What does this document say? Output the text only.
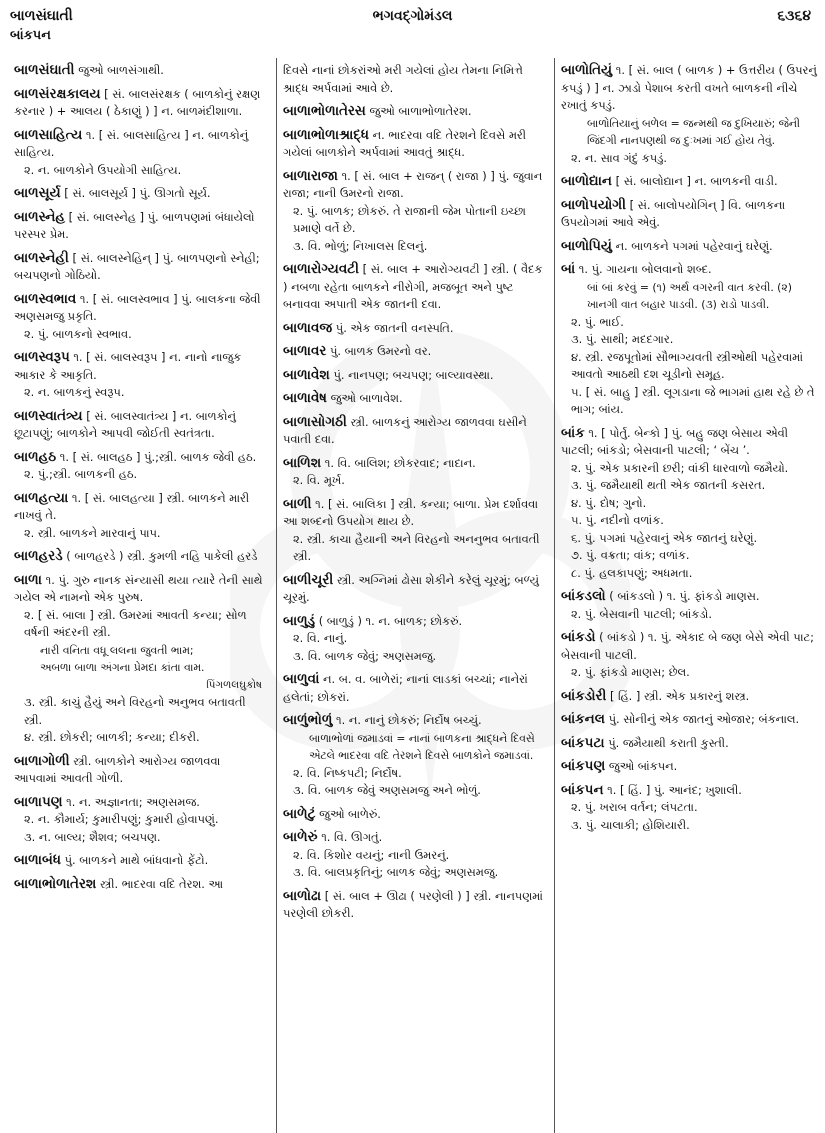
બાળસંઘાતી	ભગવદ્ગોમંડલ	૬૩૬૪
બાંકપન
બાળસંઘાતી જુઓ બાળસંગાથી.
બાળસંરક્ષકાલય [ સં. બાલસંરક્ષક ( બાળકોનું રક્ષણ કરનાર ) + આલય ( ઠેકાણું ) ] ન. બાળમંદીશાળા.
બાળસાહિત્ય ૧. [ સં. બાલસાહિત્ય ] ન. બાળકોનું સાહિત્ય.
૨. ન. બાળકોને ઉપયોગી સાહિત્ય.
બાળસૂર્ય [ સં. બાલસૂર્ય ] પું. ઊગતો સૂર્ય.
બાળસ્નેહ [ સં. બાલસ્નેહ ] પું. બાળપણમાં બંધાયેલો પરસ્પર પ્રેમ.
બાળસ્નેહી [ સં. બાલસ્નેહિન્ ] પું. બાળપણનો સ્નેહી; બચપણનો ગોઠિયો.
બાળસ્વભાવ ૧. [ સં. બાલસ્વભાવ ] પું. બાલકના જેવી અણસમજુ પ્રકૃતિ.
૨. પું. બાળકનો સ્વભાવ.
બાળસ્વરૂપ ૧. [ સં. બાલસ્વરૂપ ] ન. નાનો નાજુક આકાર કે આકૃતિ.
૨. ન. બાળકનું સ્વરૂપ.
બાળસ્વાતંત્ર્ય [ સં. બાલસ્વાતંત્ર્ય ] ન. બાળકોનું છૂટાપણું; બાળકોને આપવી જોઈતી સ્વતંત્રતા.
બાળહઠ ૧. [ સં. બાલહઠ ] પું.;સ્ત્રી. બાળક જેવી હઠ.
૨. પું.;સ્ત્રી. બાળકની હઠ.
બાળહત્યા ૧. [ સં. બાલહત્યા ] સ્ત્રી. બાળકને મારી નાખવું તે.
૨. સ્ત્રી. બાળકને મારવાનું પાપ.
બાળહરડે ( બાળહરડે ) સ્ત્રી. કુમળી નહિ પાકેલી હરડે
બાળા ૧. પું. ગુરુ નાનક સંન્યાસી થયા ત્યારે તેની સાથે ગયેલ એ નામનો એક પુરુષ.
૨. [ સં. બાલા ] સ્ત્રી. ઉમરમાં આવતી કન્યા; સોળ વર્ષની અંદરની સ્ત્રી.
નારી વનિતા વધૂ લલના જુવતી ભામ;
અબળા બાળા અંગના પ્રેમદા કાંતા વામ.
પિંગળલઘુકોષ
૩. સ્ત્રી. કાચું હૈયું અને વિરહનો અનુભવ બતાવતી સ્ત્રી.
૪. સ્ત્રી. છોકરી; બાળકી; કન્યા; દીકરી.
બાળાગોળી સ્ત્રી. બાળકોને આરોગ્ય જાળવવા આપવામાં આવતી ગોળી.
બાળાપણ ૧. ન. અજ્ઞાનતા; અણસમજ.
૨. ન. કૌમાર્ય; કુમારીપણું; કુમારી હોવાપણું.
૩. ન. બાલ્ય; શૈશવ; બચપણ.
બાળાબંધ પું. બાળકને માથે બાંધવાનો ફેંટો.
બાળાભોળાતેરશ સ્ત્રી. ભાદરવા વદિ તેરશ. આ
દિવસે નાનાં છોકરાંઓ મરી ગયેલાં હોય તેમના નિમિત્તે શ્રાદ્ધ અર્પવામાં આવે છે.
બાળાભોળાતેરસ જુઓ બાળાભોળાતેરશ.
બાળાભોળાશ્રાદ્ધ ન. ભાદરવા વદિ તેરશને દિવસે મરી ગયેલાં બાળકોને અર્પવામાં આવતું શ્રાદ્ધ.
બાળારાજા ૧. [ સં. બાલ + રાજન્ ( રાજા ) ] પું. જુવાન રાજા; નાની ઉમરનો રાજા.
૨. પું. બાળક; છોકરું. તે રાજાની જેમ પોતાની ઇચ્છા પ્રમાણે વર્તે છે.
૩. વિ. ભોળું; નિખાલસ દિલનું.
બાળારોગ્યવટી [ સં. બાલ + આરોગ્યવટી ] સ્ત્રી. ( વૈદક ) નબળા રહેતા બાળકને નીરોગી, મજબૂત અને પુષ્ટ બનાવવા અપાતી એક જાતની દવા.
બાળાવજ પું. એક જાતની વનસ્પતિ.
બાળાવર પું. બાળક ઉમરનો વર.
બાળાવેશ પું. નાનપણ; બચપણ; બાલ્યાવસ્થા.
બાળાવેષ જુઓ બાળાવેશ.
બાળાસોગઠી સ્ત્રી. બાળકનું આરોગ્ય જાળવવા ઘસીને પવાતી દવા.
બાળિશ ૧. વિ. બાલિશ; છોકરવાદ; નાદાન.
૨. વિ. મૂર્ખ.
બાળી ૧. [ સં. બાલિકા ] સ્ત્રી. કન્યા; બાળા. પ્રેમ દર્શાવવા આ શબ્દનો ઉપયોગ થાય છે.
૨. સ્ત્રી. કાચા હૈયાની અને વિરહનો અનનુભવ બતાવતી સ્ત્રી.
બાળીચૂરી સ્ત્રી. અગ્નિમાં ઢોસા શેકીને કરેલું ચૂરમું; બળ્યું ચૂરમું.
બાળુડું ( બાળુડું ) ૧. ન. બાળક; છોકરું.
૨. વિ. નાનું.
૩. વિ. બાળક જેવું; અણસમજુ.
બાળુવાં ન. બ. વ. બાળેરાં; નાનાં લાડકાં બચ્ચાં; નાનેરાં હલેતાં; છોકરાં.
બાળુંભોળું ૧. ન. નાનું છોકરું; નિર્દોષ બચ્ચું.
બાળાભોળાં જમાડવાં = નાનાં બાળકના શ્રાદ્ધને દિવસે એટલે ભાદરવા વદિ તેરશને દિવસે બાળકોને જમાડવાં.
૨. વિ. નિષ્કપટી; નિર્દોષ.
૩. વિ. બાળક જેવું અણસમજુ અને ભોળું.
બાળેટું જુઓ બાળેરું.
બાળેરું ૧. વિ. ઊગતું.
૨. વિ. કિશોર વયનું; નાની ઉમરનું.
૩. વિ. બાલપ્રકૃતિનું; બાળક જેવું; અણસમજુ.
બાળોઢા [ સં. બાલ + ઊઢા ( પરણેલી ) ] સ્ત્રી. નાનપણમાં પરણેલી છોકરી.
બાળોતિયું ૧. [ સં. બાલ ( બાળક ) + ઉત્તરીય ( ઉપરનું કપડું ) ] ન. ઝાડો પેશાબ કરતી વખતે બાળકની નીચે રખાતું કપડું.
બાળોતિયાનું બળેલ = જન્મથી જ દુખિયારું; જેની જિંદગી નાનપણથી જ દુઃખમાં ગઈ હોય તેવું.
૨. ન. સાવ ગંદું કપડું.
બાળોદ્યાન [ સં. બાલોદ્યાન ] ન. બાળકની વાડી.
બાળોપયોગી [ સં. બાલોપયોગિન્ ] વિ. બાળકના ઉપયોગમાં આવે એવું.
બાળોપિયું ન. બાળકને પગમાં પહેરવાનું ઘરેણું.
બાં ૧. પું. ગાયના બોલવાનો શબ્દ.
બાં બાં કરવું = (૧) અર્થ વગરની વાત કરવી. (૨) ખાનગી વાત બહાર પાડવી. (૩) રાડો પાડવી.
૨. પું. ભાઈ.
૩. પું. સાથી; મદદગાર.
૪. સ્ત્રી. રજપૂતોમાં સૌભાગ્યવતી સ્ત્રીઓથી પહેરવામાં આવતો આઠથી દશ ચૂડીનો સમૂહ.
૫. [ સં. બાહુ ] સ્ત્રી. લૂગડાના જે ભાગમાં હાથ રહે છે તે ભાગ; બાંય.
બાંક ૧. [ પોર્તુ. બેન્કો ] પું. બહુ જણ બેસાય એવી પાટલી; બાંકડો; બેસવાની પાટલી; ‘ બેંચ ’.
૨. પું. એક પ્રકારની છરી; વાંકી ધારવાળો જમૈયો.
૩. પું. જમૈયાથી થતી એક જાતની કસરત.
૪. પું. દોષ; ગુનો.
૫. પું. નદીનો વળાંક.
૬. પું. પગમાં પહેરવાનું એક જાતનું ઘરેણું.
૭. પું. વક્રતા; વાંક; વળાંક.
૮. પું. હલકાપણું; અધમતા.
બાંકડલો ( બાંકડલો ) ૧. પું. ફાંકડો માણસ.
૨. પું. બેસવાની પાટલી; બાંકડો.
બાંકડો ( બાંકડો ) ૧. પું. એકાદ બે જણ બેસે એવી પાટ; બેસવાની પાટલી.
૨. પું. ફાંકડો માણસ; છેલ.
બાંકડોરી [ હિં. ] સ્ત્રી. એક પ્રકારનું શસ્ત્ર.
બાંકનલ પું. સોનીનું એક જાતનું ઓજાર; બંકનાલ.
બાંકપટા પું. જમૈયાથી કરાતી કુસ્તી.
બાંકપણ જુઓ બાંકપન.
બાંકપન ૧. [ હિં. ] પું. આનંદ; ખુશાલી.
૨. પું. ખરાબ વર્તન; લંપટતા.
૩. પું. ચાલાકી; હોશિયારી.
